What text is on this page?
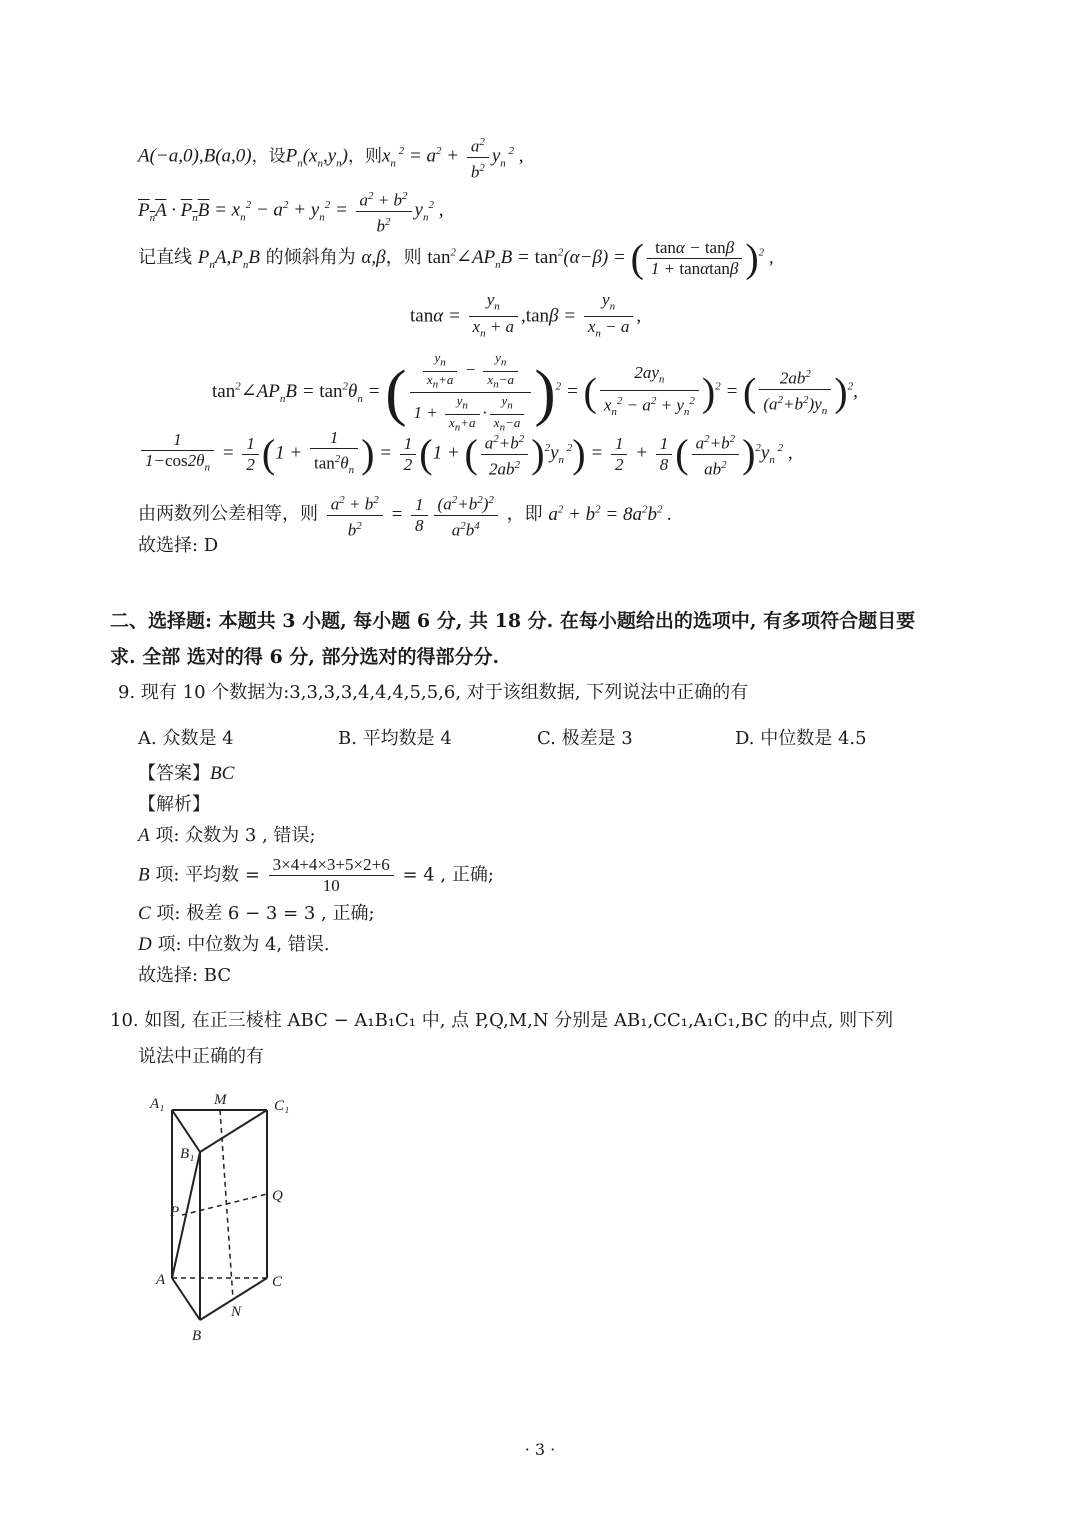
A(−a,0),B(a,0)，设$P_n(x_n,y_n)$，则$x_n$ $^2 = a^2 + \frac{a^2}{b^2} y_n$ $^2$ ,
$P_nA \cdot P_nB = x_n^2 - a^2 + y_n^2 = \frac{a^2 + b^2}{b^2} y_n^2$ ,
记直线 $P_nA,P_nB$ 的倾斜角为 α,β，则 $\tan^2\angle AP_nB = \tan^2(\alpha-\beta)$ = ( $\frac{\tan\alpha - \tan\beta}{1 + \tan\alpha\tan\beta} )^2$ ,
$\tan\alpha = \frac{y_n}{x_n + a} ,\tan\beta = \frac{y_n}{x_n - a}$ ,
$\tan^2\angle AP_nB = \tan^2\theta_n$ = ( $\frac{\frac{y_n}{x_n+a} - \frac{y_n}{x_n-a}}{1 + \frac{y_n}{x_n+a} \cdot \frac{y_n}{x_n-a}} )^2$ = ( $\frac{2ay_n}{x_n^2 - a^2 + y_n^2} )^2$ = ( $\frac{2ab^2}{(a^2+b^2)y_n} )^2$,
$\frac{1}{1-\cos 2\theta_n} = \frac{1}{2} (1 + \frac{1}{\tan^2\theta_n}$ ) = $\frac{1}{2} (1$ + ( $\frac{a^2+b^2}{2ab^2} )^2y_n$ $^2) = \frac{1}{2} + \frac{1}{8}$ ( $\frac{a^2+b^2}{ab^2} )^2y_n$ $^2$ ,
由两数列公差相等，则 $\frac{a^2 + b^2}{b^2} = \frac{1}{8} \frac{(a^2+b^2)^2}{a^2b^4}$ ，即 $a^2 + b^2 = 8a^2b^2$ .
故选择: D
二、选择题: 本题共 3 小题, 每小题 6 分, 共 18 分. 在每小题给出的选项中, 有多项符合题目要
求. 全部 选对的得 6 分, 部分选对的得部分分.
9. 现有 10 个数据为:3,3,3,3,4,4,4,5,5,6, 对于该组数据, 下列说法中正确的有
A. 众数是 4	B. 平均数是 4	C. 极差是 3	D. 中位数是 4.5
【答案】BC
【解析】
A 项: 众数为 3 , 错误;
B 项: 平均数 = $\frac{3\times 4+4\times 3+5\times 2+6}{10} = 4$ , 正确;
C 项: 极差 6 − 3 = 3 , 正确;
D 项: 中位数为 4, 错误.
故选择: BC
10. 如图, 在正三棱柱 ABC − A₁B₁C₁ 中, 点 P,Q,M,N 分别是 AB₁,CC₁,A₁C₁,BC 的中点, 则下列
说法中正确的有
A₁	M	C₁
B₁
Q
P
A	C
N
B
· 3 ·
